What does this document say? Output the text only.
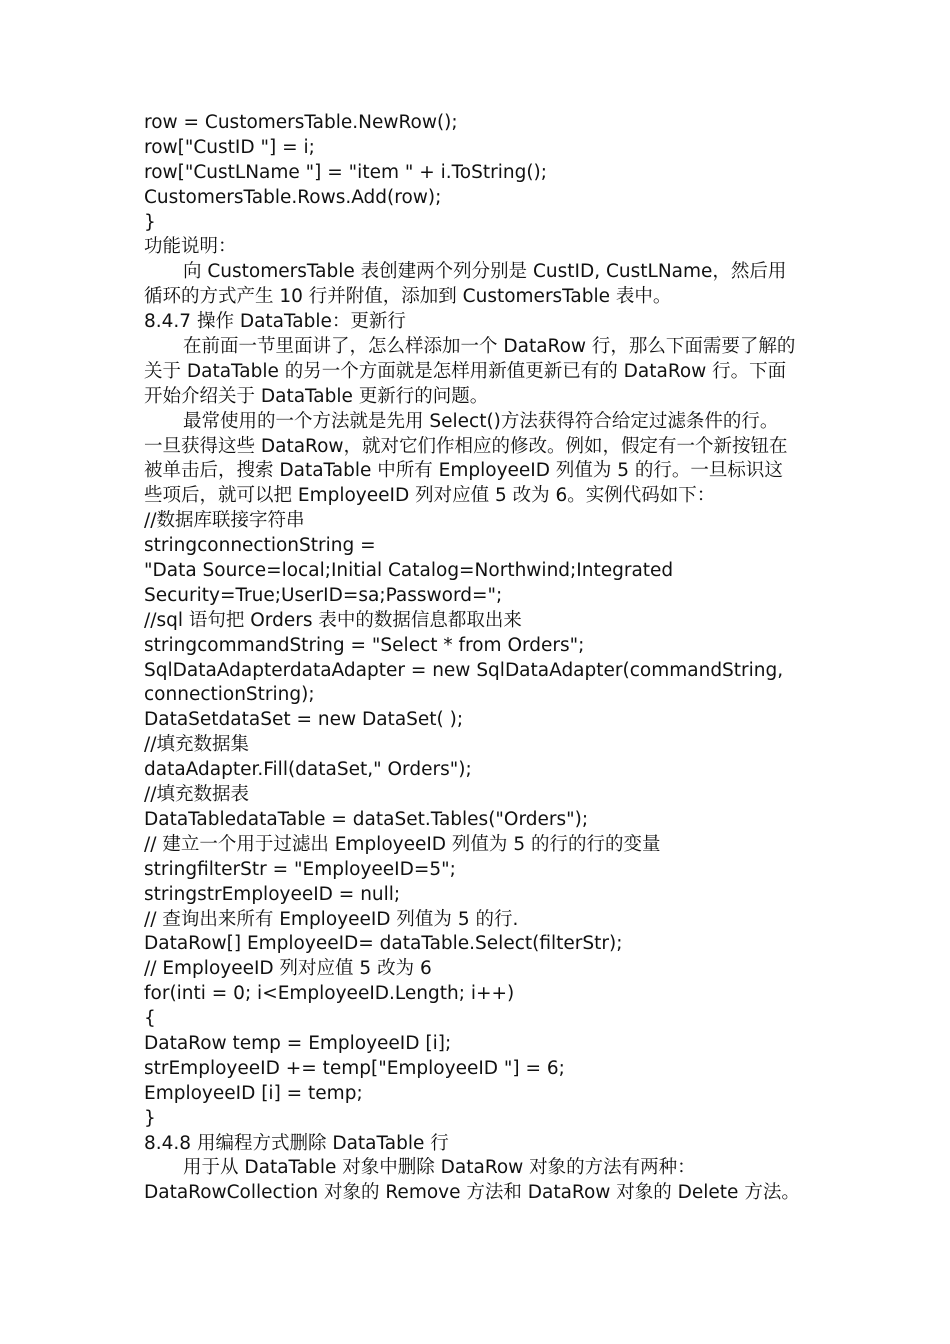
row = CustomersTable.NewRow();
row["CustID "] = i;
row["CustLName "] = "item " + i.ToString();
CustomersTable.Rows.Add(row);
}
功能说明：
向 CustomersTable 表创建两个列分别是 CustID, CustLName，然后用
循环的方式产生 10 行并附值，添加到 CustomersTable 表中。
8.4.7 操作 DataTable：更新行
在前面一节里面讲了，怎么样添加一个 DataRow 行，那么下面需要了解的
关于 DataTable 的另一个方面就是怎样用新值更新已有的 DataRow 行。下面
开始介绍关于 DataTable 更新行的问题。
最常使用的一个方法就是先用 Select()方法获得符合给定过滤条件的行。
一旦获得这些 DataRow，就对它们作相应的修改。例如，假定有一个新按钮在
被单击后，搜索 DataTable 中所有 EmployeeID 列值为 5 的行。一旦标识这
些项后，就可以把 EmployeeID 列对应值 5 改为 6。实例代码如下：
//数据库联接字符串
stringconnectionString =
"Data Source=local;Initial Catalog=Northwind;Integrated
Security=True;UserID=sa;Password=";
//sql 语句把 Orders 表中的数据信息都取出来
stringcommandString = "Select * from Orders";
SqlDataAdapterdataAdapter = new SqlDataAdapter(commandString,
connectionString);
DataSetdataSet = new DataSet( );
//填充数据集
dataAdapter.Fill(dataSet," Orders");
//填充数据表
DataTabledataTable = dataSet.Tables("Orders");
// 建立一个用于过滤出 EmployeeID 列值为 5 的行的行的变量
stringfilterStr = "EmployeeID=5";
stringstrEmployeeID = null;
// 查询出来所有 EmployeeID 列值为 5 的行.
DataRow[] EmployeeID= dataTable.Select(filterStr);
// EmployeeID 列对应值 5 改为 6
for(inti = 0; i<EmployeeID.Length; i++)
{
DataRow temp = EmployeeID [i];
strEmployeeID += temp["EmployeeID "] = 6;
EmployeeID [i] = temp;
}
8.4.8 用编程方式删除 DataTable 行
用于从 DataTable 对象中删除 DataRow 对象的方法有两种：
DataRowCollection 对象的 Remove 方法和 DataRow 对象的 Delete 方法。
